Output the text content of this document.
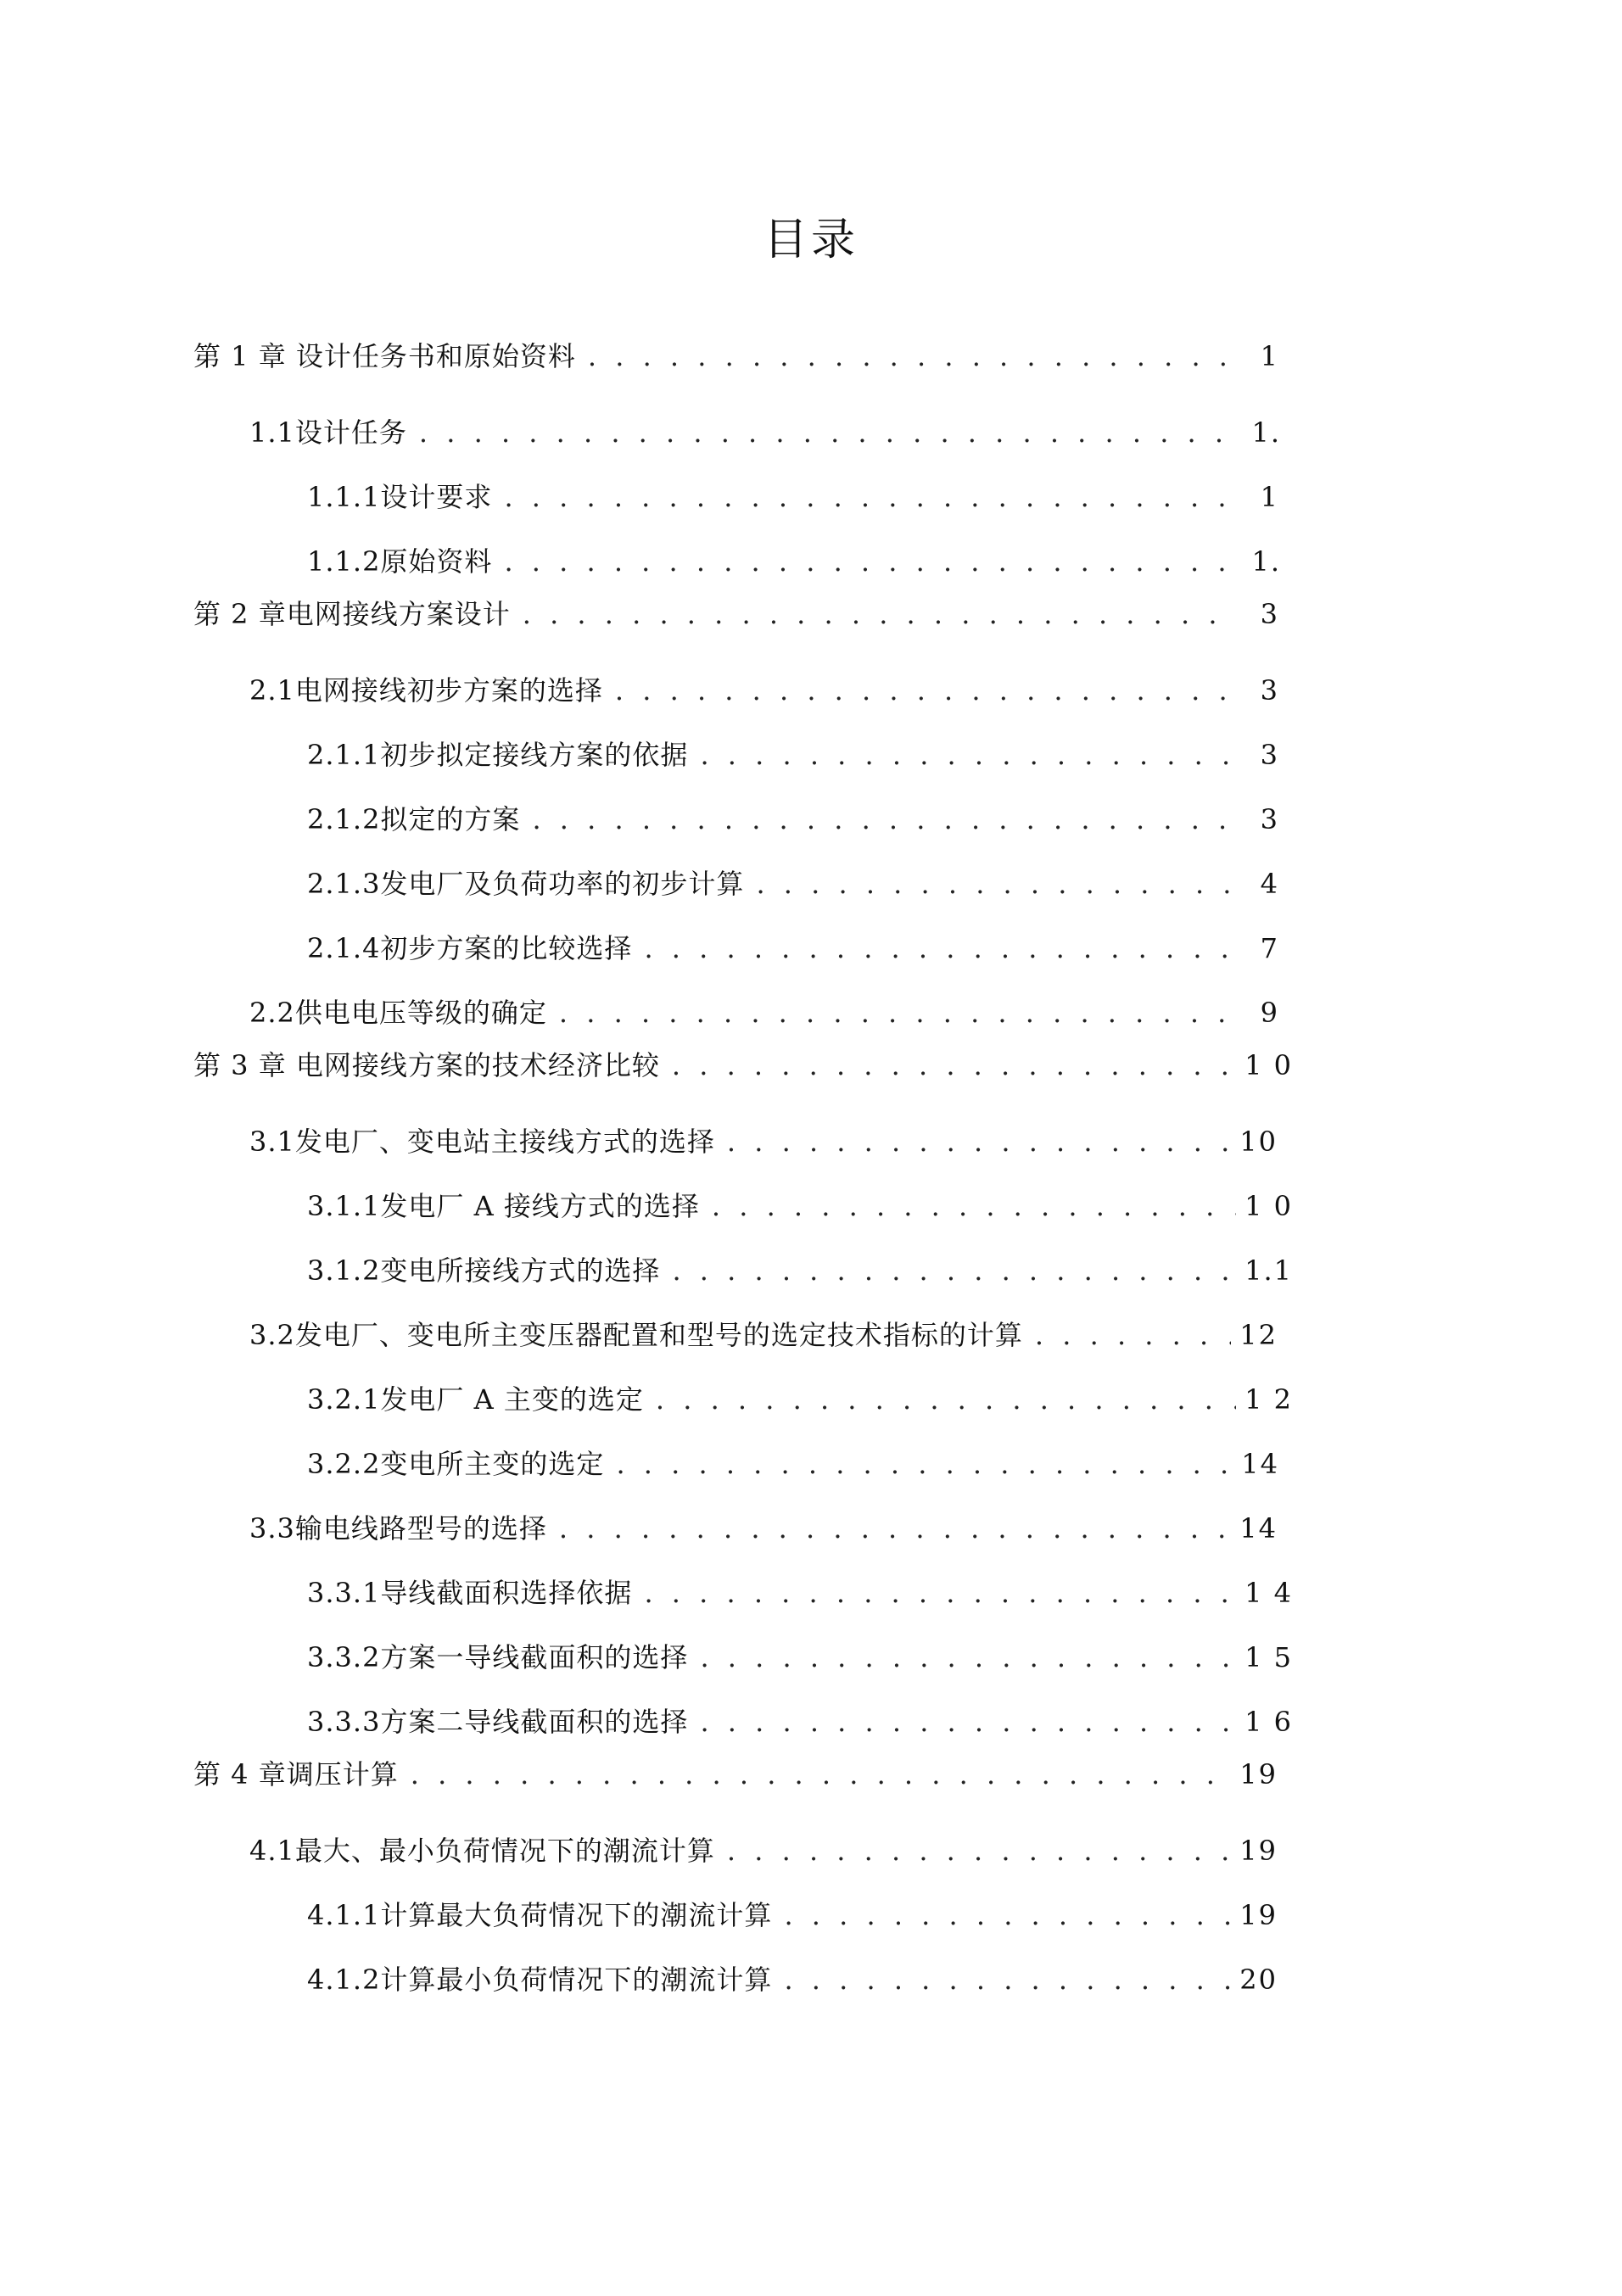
目录
第 1 章 设计任务书和原始资料 . . .	1
1.1设计任务 . . .	1.
1.1.1设计要求 . . .	1
1.1.2原始资料 . . .	1.
第 2 章电网接线方案设计 . . .	3
2.1电网接线初步方案的选择 . . .	3
2.1.1初步拟定接线方案的依据 . . .	3
2.1.2拟定的方案 . . .	3
2.1.3发电厂及负荷功率的初步计算 . . .	4
2.1.4初步方案的比较选择 . . .	7
2.2供电电压等级的确定 . . .	9
第 3 章 电网接线方案的技术经济比较 . . .	1 0
3.1发电厂、变电站主接线方式的选择 . . .	10
3.1.1发电厂 A 接线方式的选择 . . .	1 0
3.1.2变电所接线方式的选择 . . .	1.1
3.2发电厂、变电所主变压器配置和型号的选定技术指标的计算 . . .	12
3.2.1发电厂 A 主变的选定 . . .	1 2
3.2.2变电所主变的选定 . . .	14
3.3输电线路型号的选择 . . .	14
3.3.1导线截面积选择依据 . . .	1 4
3.3.2方案一导线截面积的选择 . . .	1 5
3.3.3方案二导线截面积的选择 . . .	1 6
第 4 章调压计算 . . .	19
4.1最大、最小负荷情况下的潮流计算 . . .	19
4.1.1计算最大负荷情况下的潮流计算 . . .	19
4.1.2计算最小负荷情况下的潮流计算 . . .	20
